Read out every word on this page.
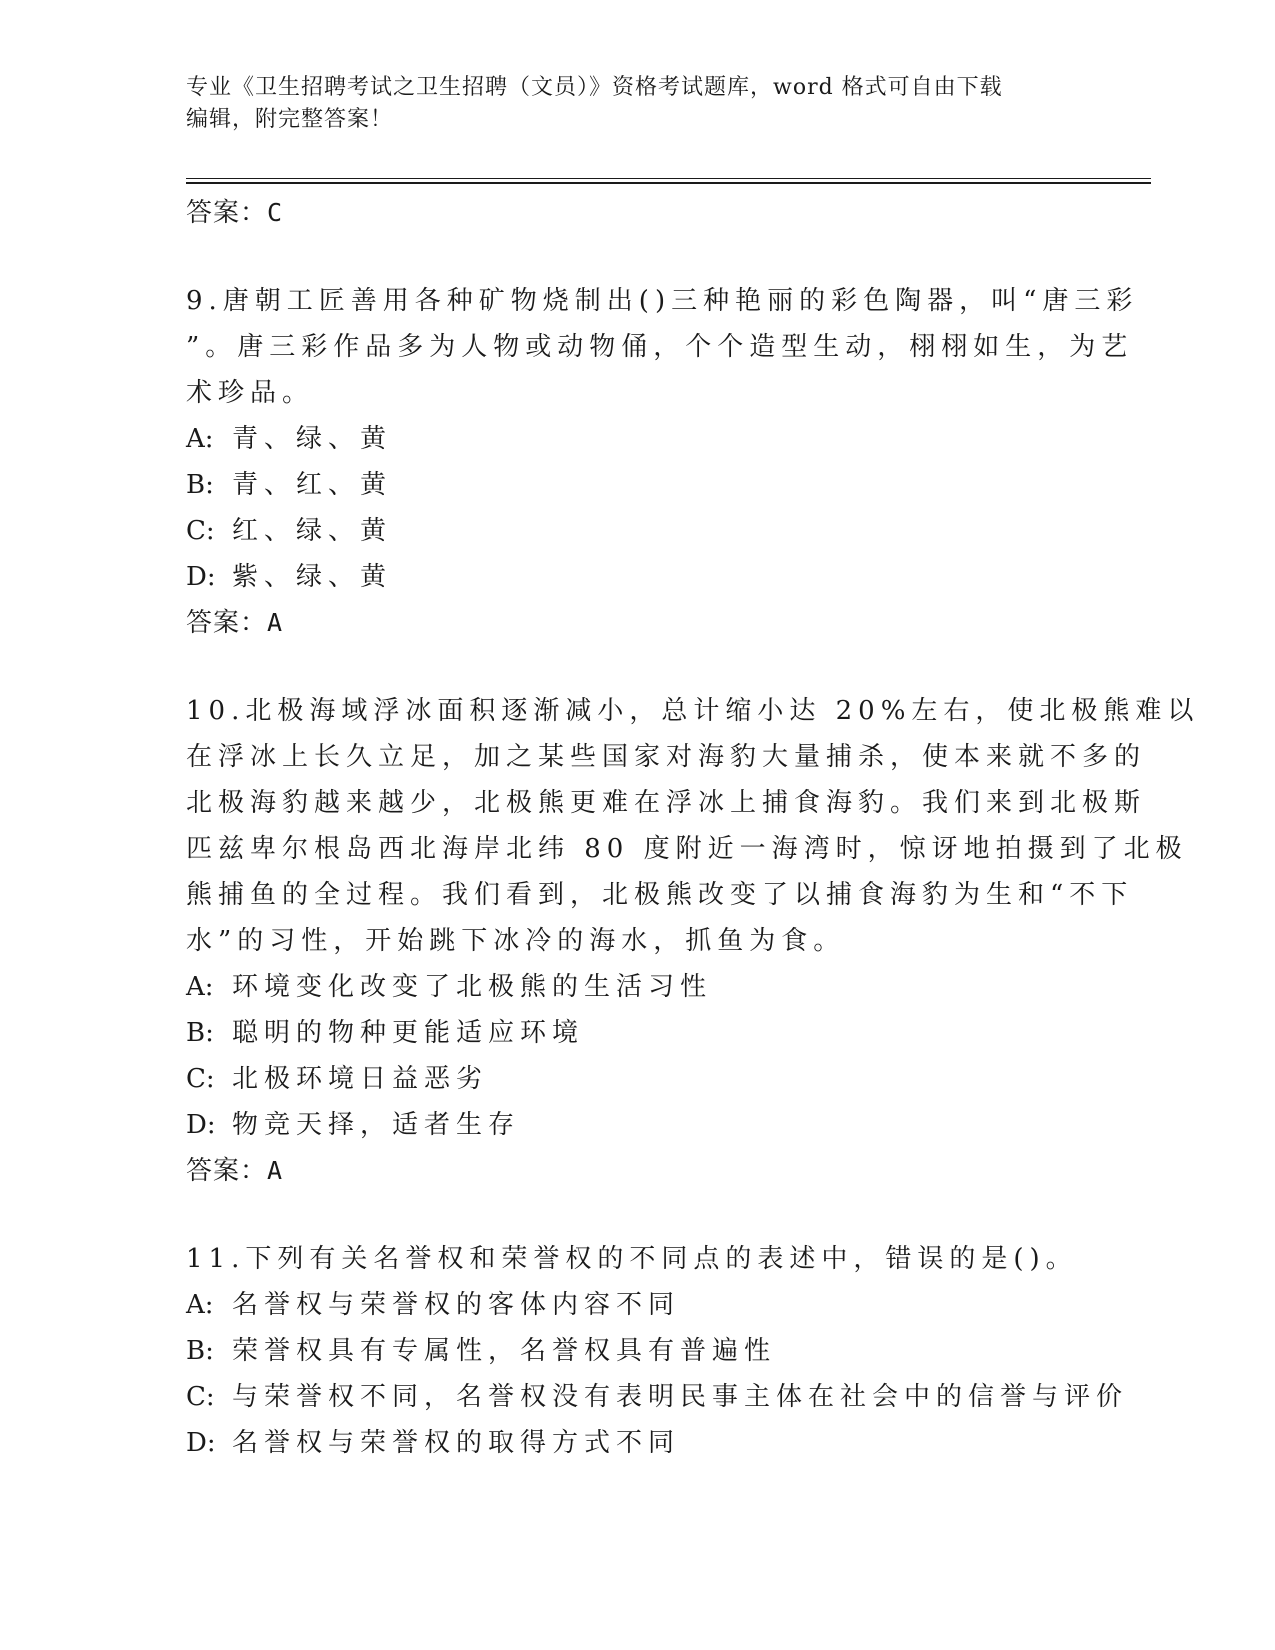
专业《卫生招聘考试之卫生招聘（文员）》资格考试题库，word 格式可自由下载
编辑，附完整答案！
答案：C
9.唐朝工匠善用各种矿物烧制出()三种艳丽的彩色陶器，叫“唐三彩
”。唐三彩作品多为人物或动物俑，个个造型生动，栩栩如生，为艺
术珍品。
A: 青、绿、黄
B: 青、红、黄
C: 红、绿、黄
D: 紫、绿、黄
答案：A
10.北极海域浮冰面积逐渐减小，总计缩小达 20%左右，使北极熊难以
在浮冰上长久立足，加之某些国家对海豹大量捕杀，使本来就不多的
北极海豹越来越少，北极熊更难在浮冰上捕食海豹。我们来到北极斯
匹兹卑尔根岛西北海岸北纬 80 度附近一海湾时，惊讶地拍摄到了北极
熊捕鱼的全过程。我们看到，北极熊改变了以捕食海豹为生和“不下
水”的习性，开始跳下冰冷的海水，抓鱼为食。
A: 环境变化改变了北极熊的生活习性
B: 聪明的物种更能适应环境
C: 北极环境日益恶劣
D: 物竞天择，适者生存
答案：A
11.下列有关名誉权和荣誉权的不同点的表述中，错误的是()。
A: 名誉权与荣誉权的客体内容不同
B: 荣誉权具有专属性，名誉权具有普遍性
C: 与荣誉权不同，名誉权没有表明民事主体在社会中的信誉与评价
D: 名誉权与荣誉权的取得方式不同
